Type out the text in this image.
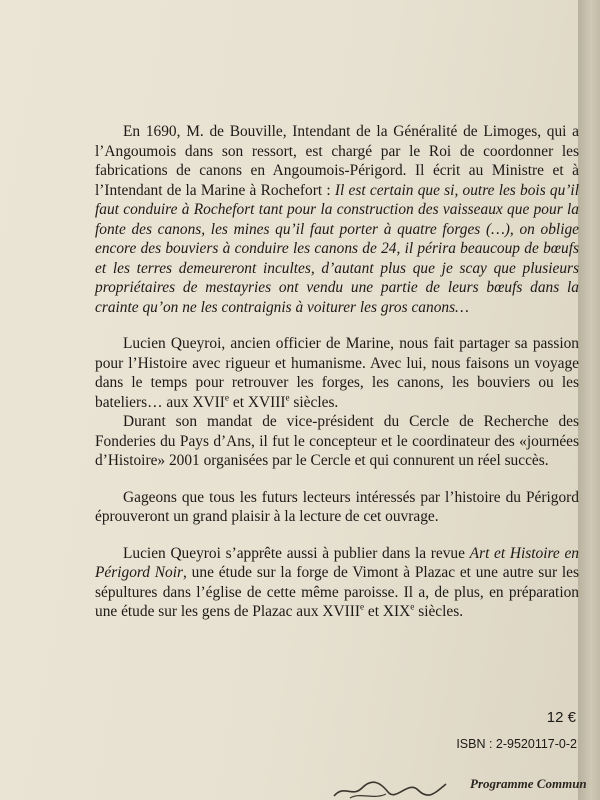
En 1690, M. de Bouville, Intendant de la Généralité de Limoges, qui a l’Angoumois dans son ressort, est chargé par le Roi de coordonner les fabrications de canons en Angoumois-Périgord. Il écrit au Ministre et à l’Intendant de la Marine à Rochefort : Il est certain que si, outre les bois qu’il faut conduire à Rochefort tant pour la construction des vaisseaux que pour la fonte des canons, les mines qu’il faut porter à quatre forges (…), on oblige encore des bouviers à conduire les canons de 24, il périra beaucoup de bœufs et les terres demeureront incultes, d’autant plus que je scay que plusieurs propriétaires de mestayries ont vendu une partie de leurs bœufs dans la crainte qu’on ne les contraignis à voiturer les gros canons…

Lucien Queyroi, ancien officier de Marine, nous fait partager sa passion pour l’Histoire avec rigueur et humanisme. Avec lui, nous faisons un voyage dans le temps pour retrouver les forges, les canons, les bouviers ou les bateliers… aux XVIIe et XVIIIe siècles.

Durant son mandat de vice-président du Cercle de Recherche des Fonderies du Pays d’Ans, il fut le concepteur et le coordinateur des «journées d’Histoire» 2001 organisées par le Cercle et qui connurent un réel succès.

Gageons que tous les futurs lecteurs intéressés par l’histoire du Périgord éprouveront un grand plaisir à la lecture de cet ouvrage.

Lucien Queyroi s’apprête aussi à publier dans la revue Art et Histoire en Périgord Noir, une étude sur la forge de Vimont à Plazac et une autre sur les sépultures dans l’église de cette même paroisse. Il a, de plus, en préparation une étude sur les gens de Plazac aux XVIIIe et XIXe siècles.

12 €
ISBN : 2-9520117-0-2
Programme Commun
